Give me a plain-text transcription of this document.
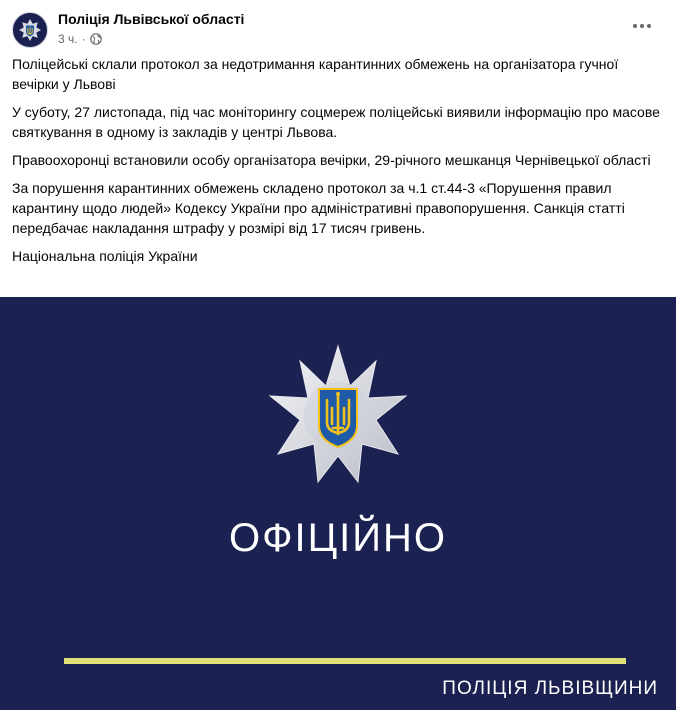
Поліція Львівської області
3 ч. ·

Поліцейські склали протокол за недотримання карантинних обмежень на організатора гучної вечірки у Львові

У суботу, 27 листопада, під час моніторингу соцмереж поліцейські виявили інформацію про масове святкування в одному із закладів у центрі Львова.

Правоохоронці встановили особу організатора вечірки, 29-річного мешканця Чернівецької області

За порушення карантинних обмежень складено протокол за ч.1 ст.44-3 «Порушення правил карантину щодо людей» Кодексу України про адміністративні правопорушення. Санкція статті передбачає накладання штрафу у розмірі від 17 тисяч гривень.

Національна поліція України

ОФІЦІЙНО
ПОЛІЦІЯ ЛЬВІВЩИНИ
